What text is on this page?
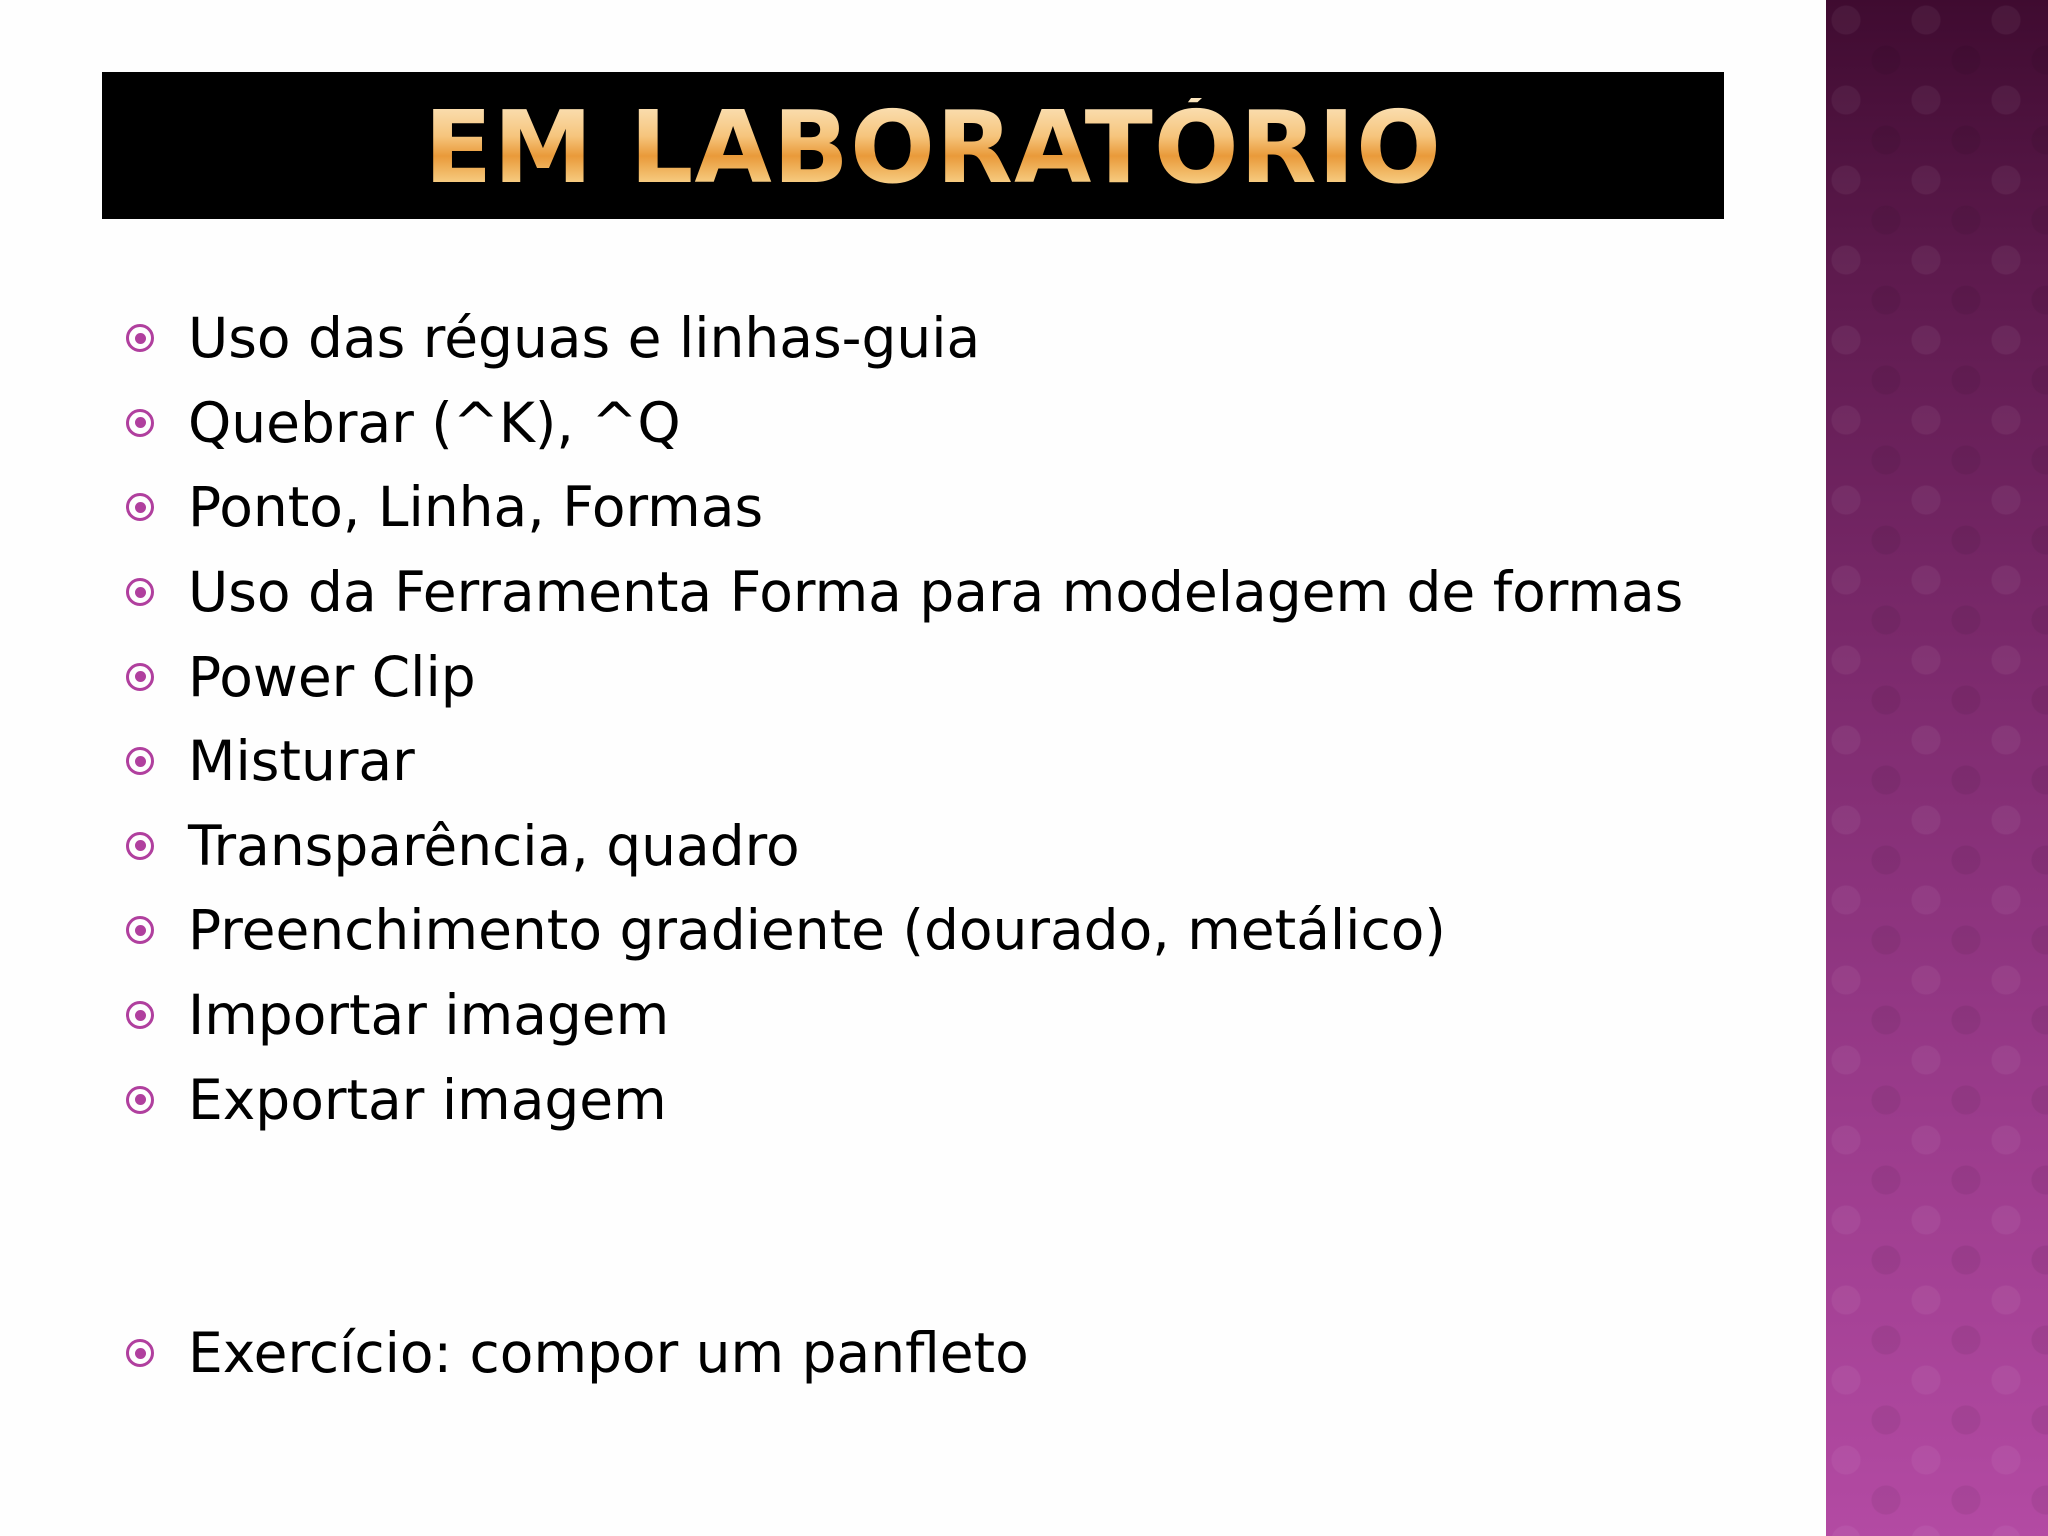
EM LABORATÓRIO
Uso das réguas e linhas-guia
Quebrar (^K), ^Q
Ponto, Linha, Formas
Uso da Ferramenta Forma para modelagem de formas
Power Clip
Misturar
Transparência, quadro
Preenchimento gradiente (dourado, metálico)
Importar imagem
Exportar imagem
Exercício: compor um panfleto
